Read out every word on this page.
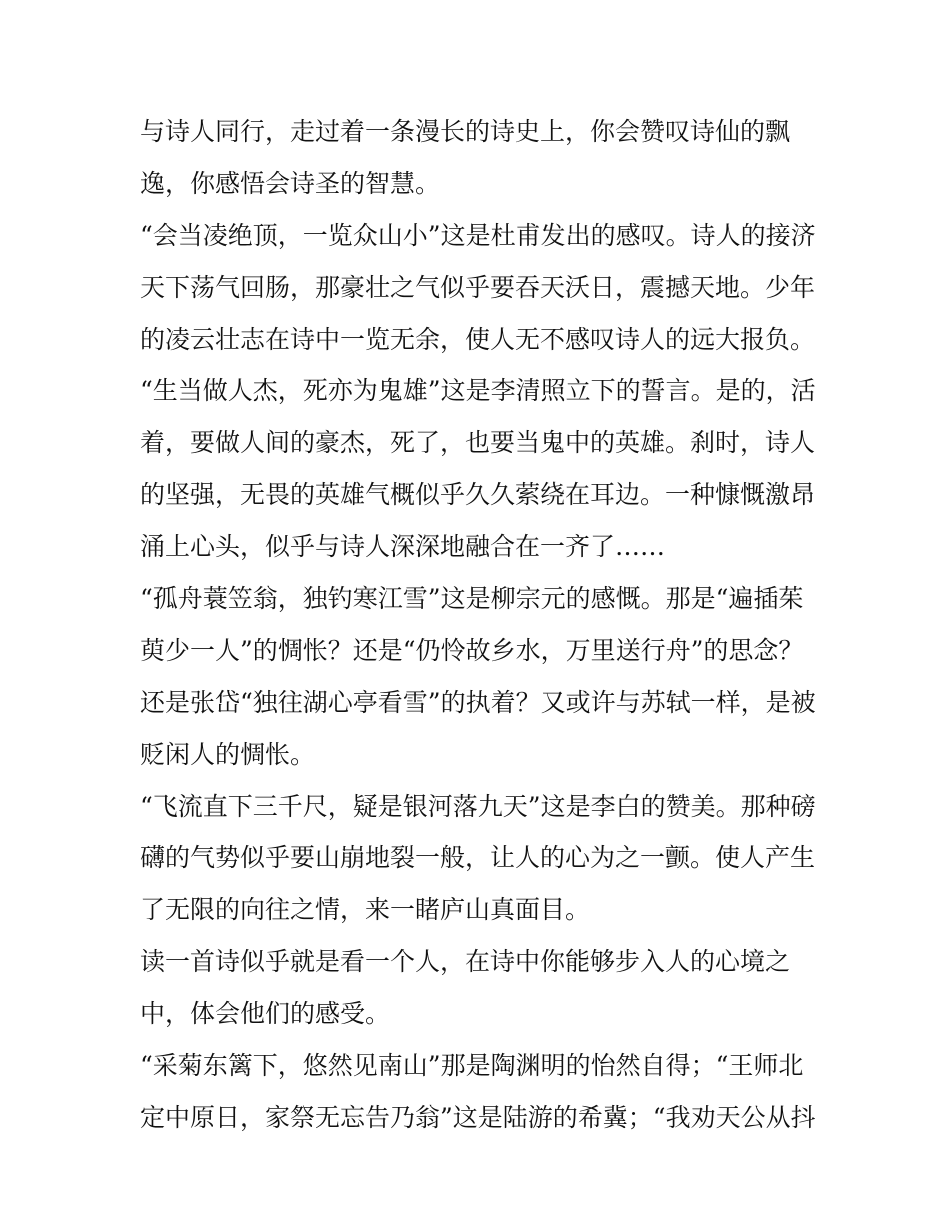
与诗人同行，走过着一条漫长的诗史上，你会赞叹诗仙的飘
逸，你感悟会诗圣的智慧。
“会当凌绝顶，一览众山小”这是杜甫发出的感叹。诗人的接济
天下荡气回肠，那豪壮之气似乎要吞天沃日，震撼天地。少年
的凌云壮志在诗中一览无余，使人无不感叹诗人的远大报负。
“生当做人杰，死亦为鬼雄”这是李清照立下的誓言。是的，活
着，要做人间的豪杰，死了，也要当鬼中的英雄。刹时，诗人
的坚强，无畏的英雄气概似乎久久萦绕在耳边。一种慷慨激昂
涌上心头，似乎与诗人深深地融合在一齐了……
“孤舟蓑笠翁，独钓寒江雪”这是柳宗元的感慨。那是“遍插茱
萸少一人”的惆怅？还是“仍怜故乡水，万里送行舟”的思念？
还是张岱“独往湖心亭看雪”的执着？又或许与苏轼一样，是被
贬闲人的惆怅。
“飞流直下三千尺，疑是银河落九天”这是李白的赞美。那种磅
礴的气势似乎要山崩地裂一般，让人的心为之一颤。使人产生
了无限的向往之情，来一睹庐山真面目。
读一首诗似乎就是看一个人，在诗中你能够步入人的心境之
中，体会他们的感受。
“采菊东篱下，悠然见南山”那是陶渊明的怡然自得；“王师北
定中原日，家祭无忘告乃翁”这是陆游的希冀；“我劝天公从抖
